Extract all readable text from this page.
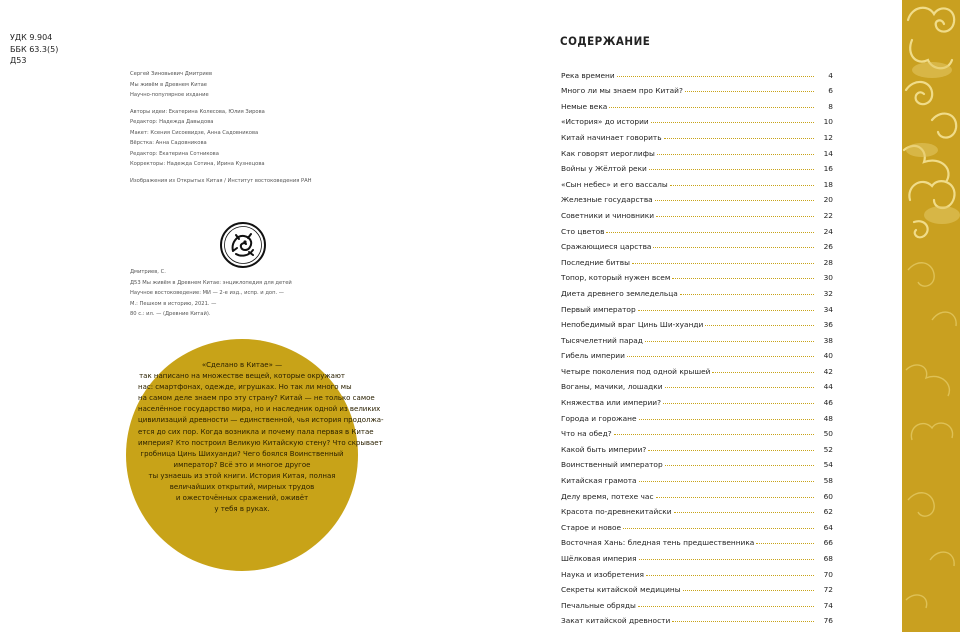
УДК 9.904
ББК 63.3(5)
Д53
Сергей Зиновьевич Дмитриев
Мы живём в Древнем Китае
Научно-популярное издание
Авторы идеи: Екатерина Колесова, Юлия Зирова
Редактор: Надежда Давыдова
Макет: Ксения Сисоевидзе, Анна Садовникова
Вёрстка: Анна Садовникова
Редактор: Екатерина Сотникова
Корректоры: Надежда Сотина, Ирина Кузнецова
Изображения из Открытых Китая / Институт востоковедения РАН
Дмитриев, С.
Д53 Мы живём в Древнем Китае: энциклопедия для детей
Научное востоковедение: МИ — 2-е изд., испр. и доп. —
М.: Пешком в историю, 2021. —
80 с.: ил. — (Древние Китай).
«Сделано в Китае» —
так написано на множестве вещей, которые окружают
нас: смартфонах, одежде, игрушках. Но так ли много мы
на самом деле знаем про эту страну? Китай — не только самое
населённое государство мира, но и наследник одной из великих
цивилизаций древности — единственной, чья история продолжа-
ется до сих пор. Когда возникла и почему пала первая в Китае
империя? Кто построил Великую Китайскую стену? Что скрывает
гробница Цинь Шихуанди? Чего боялся Воинственный
император? Всё это и многое другое
ты узнаешь из этой книги. История Китая, полная
величайших открытий, мирных трудов
и ожесточённых сражений, оживёт
у тебя в руках.
СОДЕРЖАНИЕ
Река времени	4
Много ли мы знаем про Китай?	6
Немые века	8
«История» до истории	10
Китай начинает говорить	12
Как говорят иероглифы	14
Войны у Жёлтой реки	16
«Сын небес» и его вассалы	18
Железные государства	20
Советники и чиновники	22
Сто цветов	24
Сражающиеся царства	26
Последние битвы	28
Топор, который нужен всем	30
Диета древнего земледельца	32
Первый император	34
Непобедимый враг Цинь Ши-хуанди	36
Тысячелетний парад	38
Гибель империи	40
Четыре поколения под одной крышей	42
Воганы, мачики, лошадки	44
Княжества или империи?	46
Города и горожане	48
Что на обед?	50
Какой быть империи?	52
Воинственный император	54
Китайская грамота	58
Делу время, потехе час	60
Красота по-древнекитайски	62
Старое и новое	64
Восточная Хань: бледная тень предшественника	66
Шёлковая империя	68
Наука и изобретения	70
Секреты китайской медицины	72
Печальные обряды	74
Закат китайской древности	76
